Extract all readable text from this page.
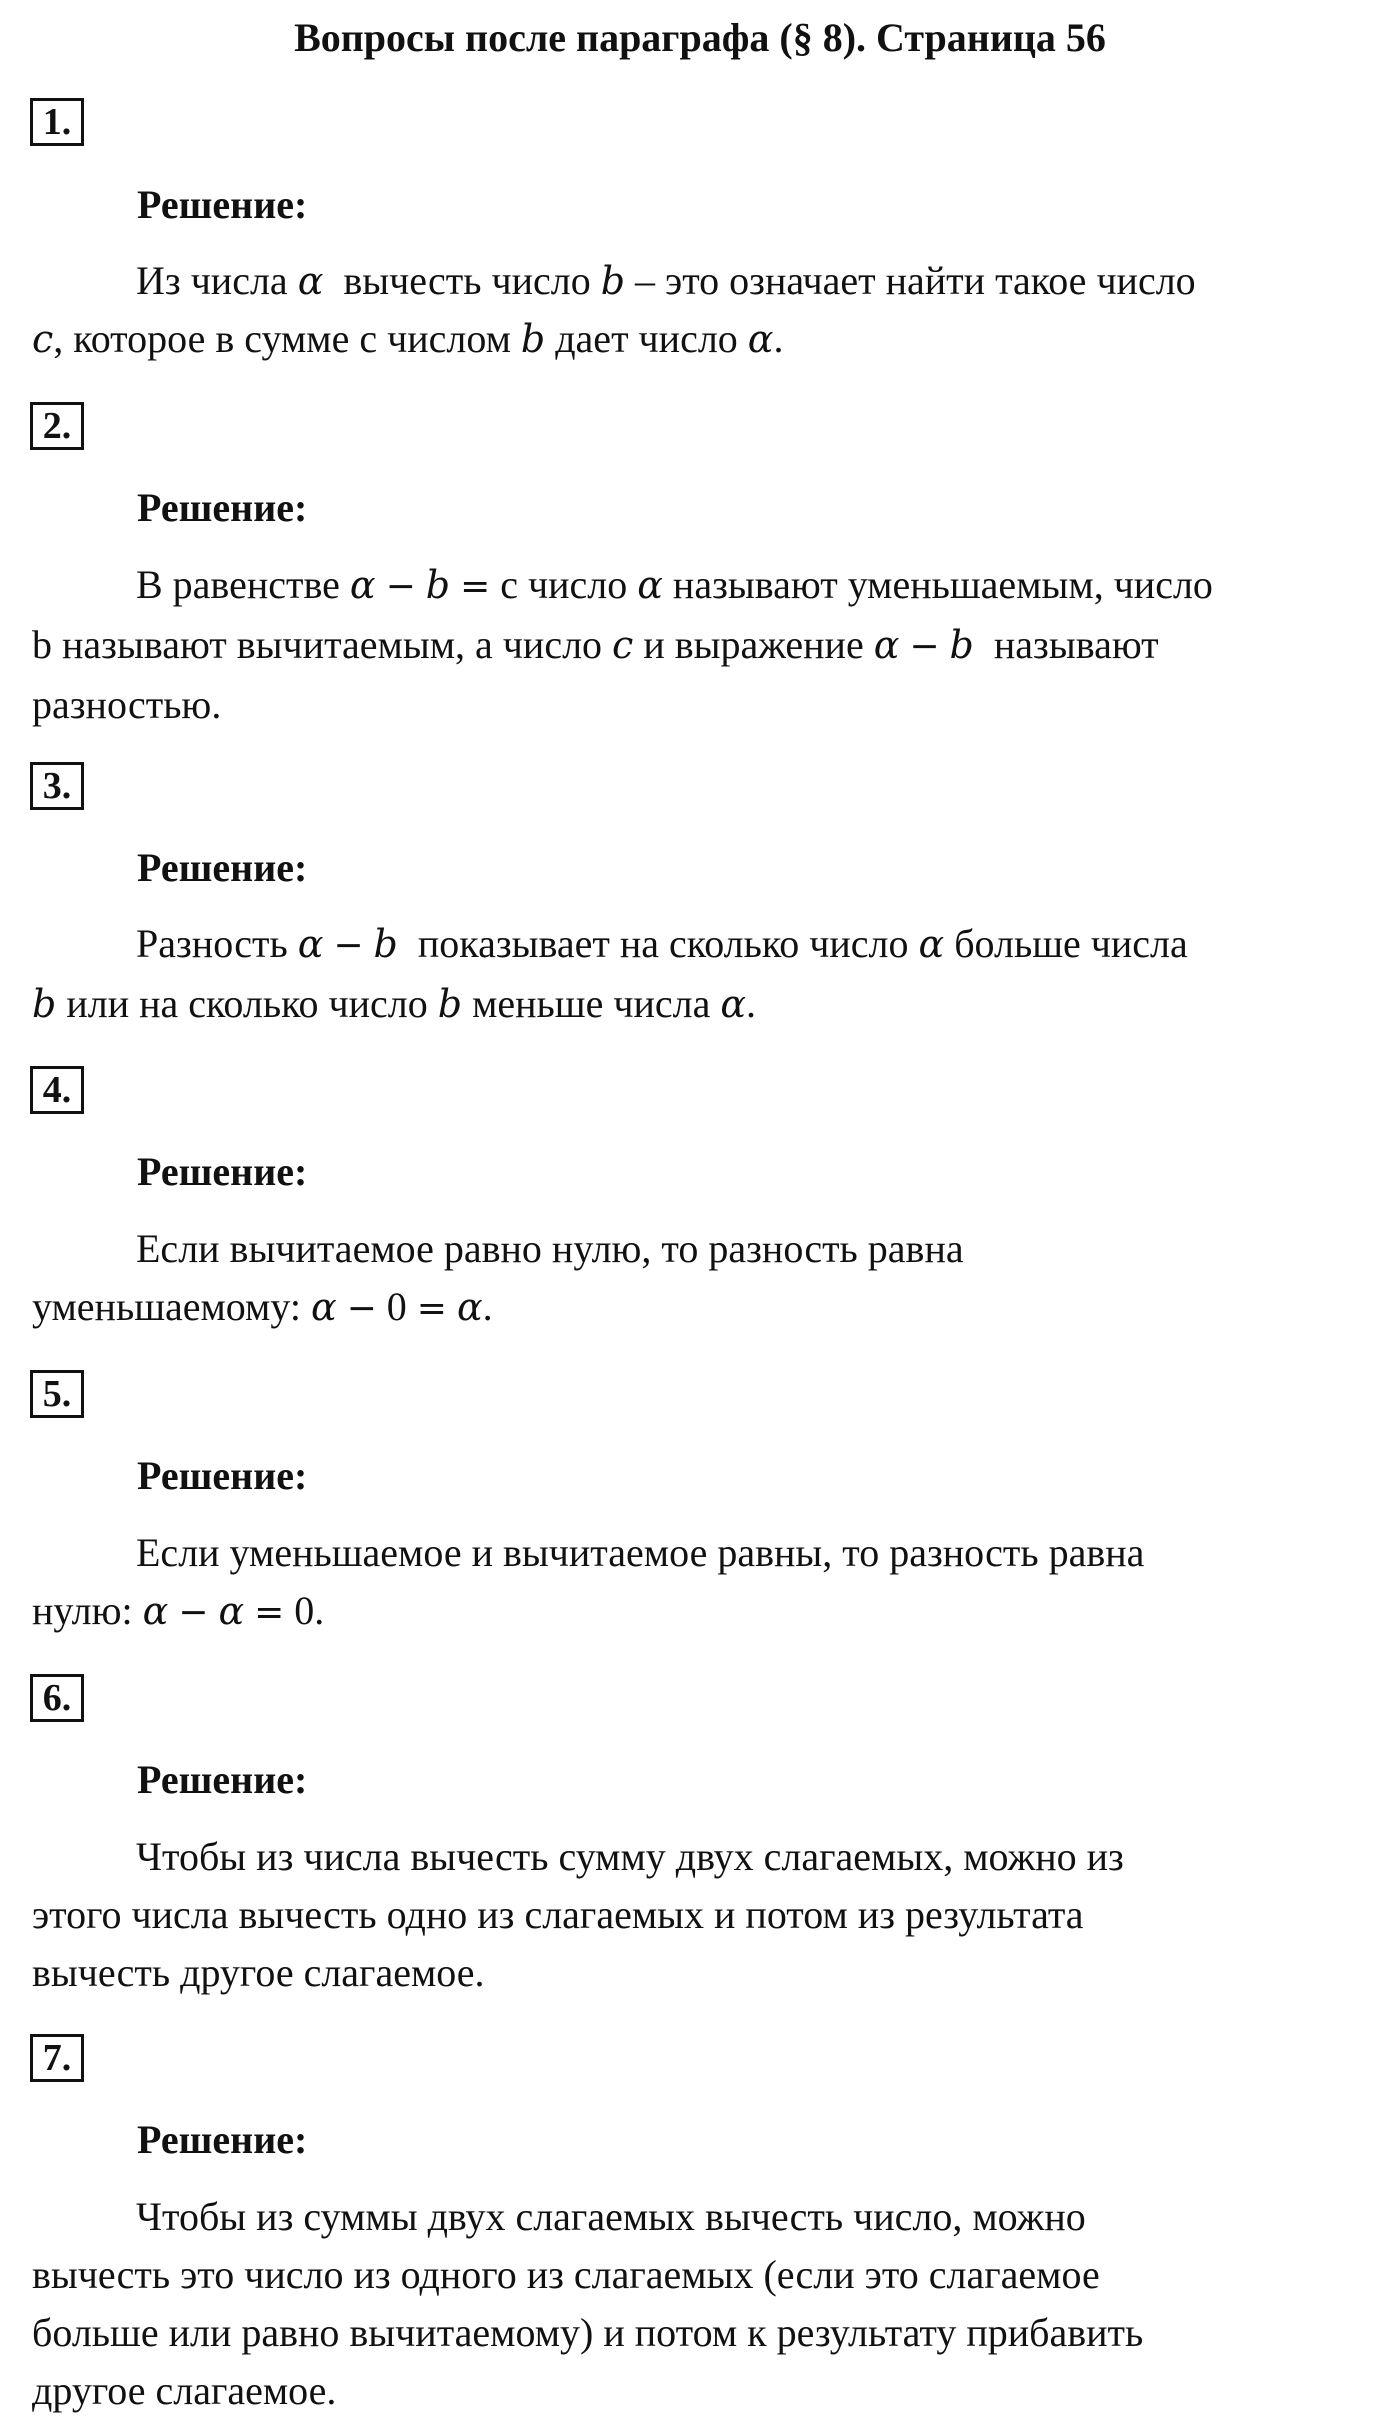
Вопросы после параграфа (§ 8). Страница 56
1.
Решение:
Из числа α  вычесть число b – это означает найти такое число
c, которое в сумме с числом b дает число α.
2.
Решение:
В равенстве α − b = с число α называют уменьшаемым, число
b называют вычитаемым, а число c и выражение α − b  называют
разностью.
3.
Решение:
Разность α − b  показывает на сколько число α больше числа
b или на сколько число b меньше числа α.
4.
Решение:
Если вычитаемое равно нулю, то разность равна
уменьшаемому: α − 0 = α.
5.
Решение:
Если уменьшаемое и вычитаемое равны, то разность равна
нулю: α − α = 0.
6.
Решение:
Чтобы из числа вычесть сумму двух слагаемых, можно из
этого числа вычесть одно из слагаемых и потом из результата
вычесть другое слагаемое.
7.
Решение:
Чтобы из суммы двух слагаемых вычесть число, можно
вычесть это число из одного из слагаемых (если это слагаемое
больше или равно вычитаемому) и потом к результату прибавить
другое слагаемое.
